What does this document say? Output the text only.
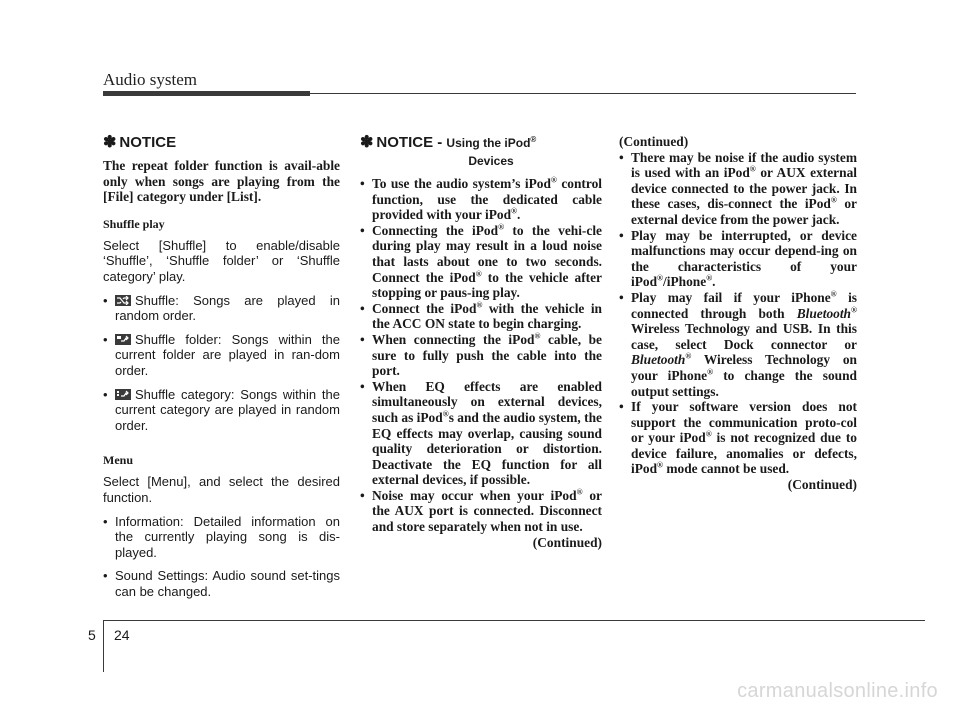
Audio system
✽ NOTICE

The repeat folder function is avail-able only when songs are playing from the [File] category under [List].

Shuffle play

Select [Shuffle] to enable/disable ‘Shuffle’, ‘Shuffle folder’ or ‘Shuffle category’ play.

• Shuffle: Songs are played in random order.
• Shuffle folder: Songs within the current folder are played in ran-dom order.
• Shuffle category: Songs within the current category are played in random order.

Menu

Select [Menu], and select the desired function.

• Information: Detailed information on the currently playing song is dis-played.
• Sound Settings: Audio sound set-tings can be changed.
✽ NOTICE - Using the iPod®
Devices
• To use the audio system’s iPod® control function, use the dedicated cable provided with your iPod®.
• Connecting the iPod® to the vehi-cle during play may result in a loud noise that lasts about one to two seconds. Connect the iPod® to the vehicle after stopping or paus-ing play.
• Connect the iPod® with the vehicle in the ACC ON state to begin charging.
• When connecting the iPod® cable, be sure to fully push the cable into the port.
• When EQ effects are enabled simultaneously on external devices, such as iPod®s and the audio system, the EQ effects may overlap, causing sound quality deterioration or distortion. Deactivate the EQ function for all external devices, if possible.
• Noise may occur when your iPod® or the AUX port is connected. Disconnect and store separately when not in use.
(Continued)
(Continued)
• There may be noise if the audio system is used with an iPod® or AUX external device connected to the power jack. In these cases, dis-connect the iPod® or external device from the power jack.
• Play may be interrupted, or device malfunctions may occur depend-ing on the characteristics of your iPod®/iPhone®.
• Play may fail if your iPhone® is connected through both Bluetooth® Wireless Technology and USB. In this case, select Dock connector or Bluetooth® Wireless Technology on your iPhone® to change the sound output settings.
• If your software version does not support the communication proto-col or your iPod® is not recognized due to device failure, anomalies or defects, iPod® mode cannot be used.
(Continued)
5 24
carmanualsonline.info
